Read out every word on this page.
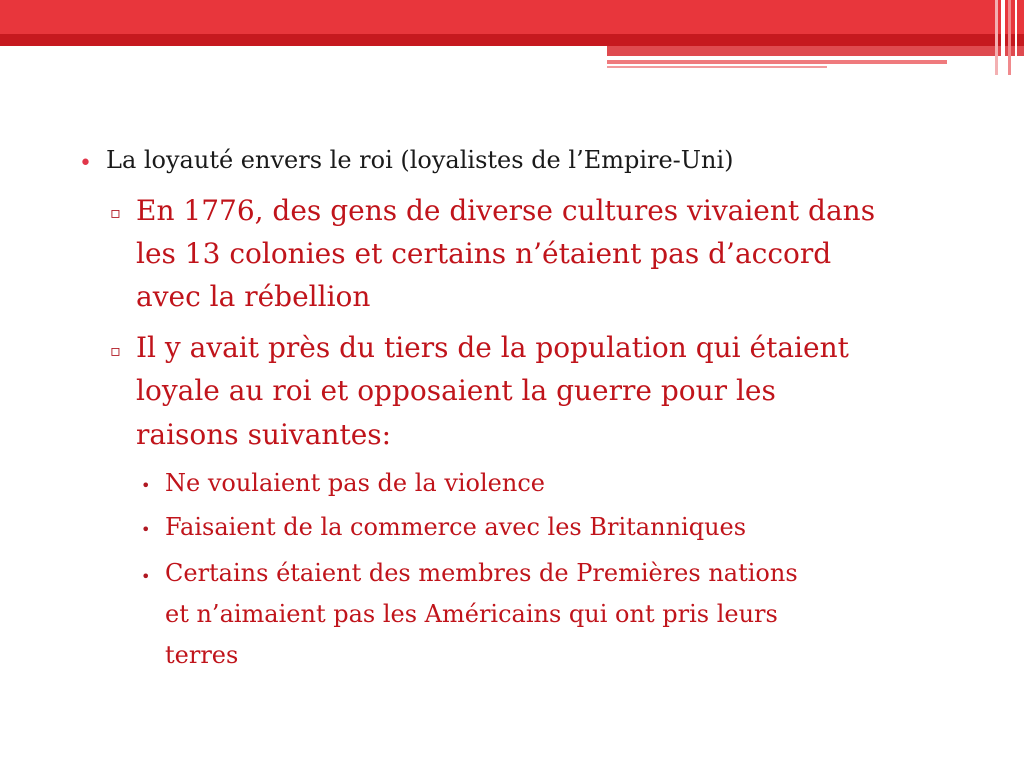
• La loyauté envers le roi (loyalistes de l’Empire-Uni)
▫ En 1776, des gens de diverse cultures vivaient dans
les 13 colonies et certains n’étaient pas d’accord
avec la rébellion
▫ Il y avait près du tiers de la population qui étaient
loyale au roi et opposaient la guerre pour les
raisons suivantes:
• Ne voulaient pas de la violence
• Faisaient de la commerce avec les Britanniques
• Certains étaient des membres de Premières nations
et n’aimaient pas les Américains qui ont pris leurs
terres
